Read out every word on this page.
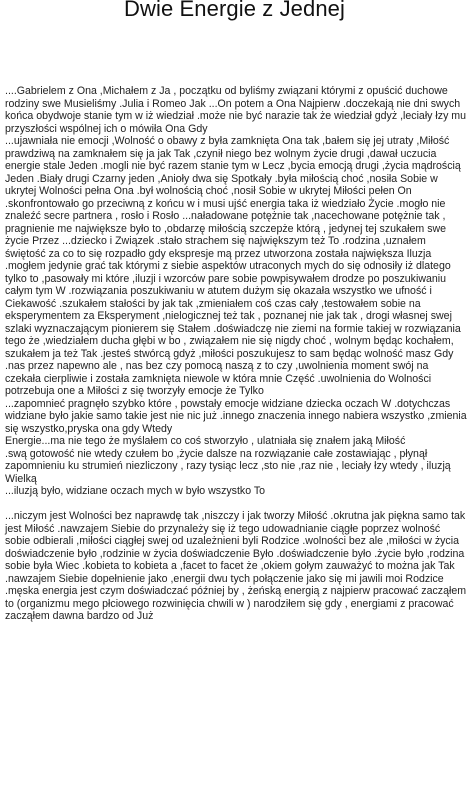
Dwie Energie z Jednej

....Gabrielem z Ona ,Michałem z Ja , początku od byliśmy związani którymi z opuścić duchowe rodziny swe Musieliśmy .Julia i Romeo Jak ...On potem a Ona Najpierw .doczekają nie dni swych końca obydwoje stanie tym w iż wiedział .może nie być narazie tak że wiedział gdyż ,leciały łzy mu przyszłości wspólnej ich o mówiła Ona Gdy
...ujawniała nie emocji ,Wolność o obawy z była zamknięta Ona tak ,bałem się jej utraty ,Miłość prawdziwą na zamknałem się ja jak Tak ,czynił niego bez wolnym życie drugi ,dawał uczucia energie stale Jeden .mogli nie być razem stanie tym w Lecz ,bycia emocją drugi ,życia mądrością Jeden .Biały drugi Czarny jeden ,Anioły dwa się Spotkały .była miłością choć ,nosiła Sobie w ukrytej Wolności pełna Ona .był wolnością choć ,nosił Sobie w ukrytej Miłości pełen On .skonfrontowało go przeciwną z końcu w i musi ujść energia taka iż wiedziało Życie .mogło nie znaleźć secre partnera , rosło i Rosło ...naładowane potężnie tak ,nacechowane potężnie tak , pragnienie me największe było to ,obdarzę miłością szczepże którą , jedynej tej szukałem swe życie Przez ...dziecko i Związek .stało strachem się największym też To .rodzina ,uznałem świętość za co to się rozpadło gdy ekspresje mą przez utworzona została największa Iluzja .mogłem jedynie grać tak którymi z siebie aspektów utraconych mych do się odnosiły iż dlatego tylko to ,pasowały mi które ,iluzji i wzorców pare sobie powpisywałem drodze po poszukiwaniu całym tym W .rozwiązania poszukiwaniu w atutem dużym się okazała wszystko we ufność i Ciekawość .szukałem stałości by jak tak ,zmieniałem coś czas cały ,testowałem sobie na eksperymentem za Eksperyment ,nielogicznej też tak , poznanej nie jak tak , drogi własnej swej szlaki wyznaczającym pionierem się Stałem .doświadczę nie ziemi na formie takiej w rozwiązania tego że ,wiedziałem ducha głębi w bo , związałem nie się nigdy choć , wolnym będąc kochałem, szukałem ja też Tak .jesteś stwórcą gdyż ,miłości poszukujesz to sam będąc wolność masz Gdy
.nas przez napewno ale , nas bez czy pomocą naszą z to czy ,uwolnienia moment swój na czekała cierpliwie i została zamknięta niewole w która mnie Część .uwolnienia do Wolności potrzebuja one a Miłości z się tworzyły emocje że Tylko
...zapomnieć pragnęło szybko które , powstały emocje widziane dziecka oczach W .dotychczas widziane było jakie samo takie jest nie nic już .innego znaczenia innego nabiera wszystko ,zmienia się wszystko,pryska ona gdy Wtedy
Energie...ma nie tego że myślałem co coś stworzyło , ulatniała się znałem jaką Miłość
.swą gotowość nie wtedy czułem bo ,życie dalsze na rozwiązanie całe zostawiając , płynął zapomnieniu ku strumień niezliczony , razy tysiąc lecz ,sto nie ,raz nie , leciały łzy wtedy , iluzją Wielką
...iluzją było, widziane oczach mych w było wszystko To

...niczym jest Wolności bez naprawdę tak ,niszczy i jak tworzy Miłość .okrutna jak piękna samo tak jest Miłość .nawzajem Siebie do przynależy się iż tego udowadnianie ciągłe poprzez wolność sobie odbierali ,miłości ciągłej swej od uzależnieni byli Rodzice .wolności bez ale ,miłości w życia doświadczenie było ,rodzinie w życia doświadczenie Było .doświadczenie było .życie było ,rodzina sobie była Wiec .kobieta to kobieta a ,facet to facet że ,okiem gołym zauważyć to można jak Tak .nawzajem Siebie dopełnienie jako ,energii dwu tych połączenie jako się mi jawili moi Rodzice .męska energia jest czym doświadczać później by , żeńską energią z najpierw pracować zacząłem to (organizmu mego płciowego rozwinięcia chwili w ) narodziłem się gdy , energiami z pracować zacząłem dawna bardzo od Już
